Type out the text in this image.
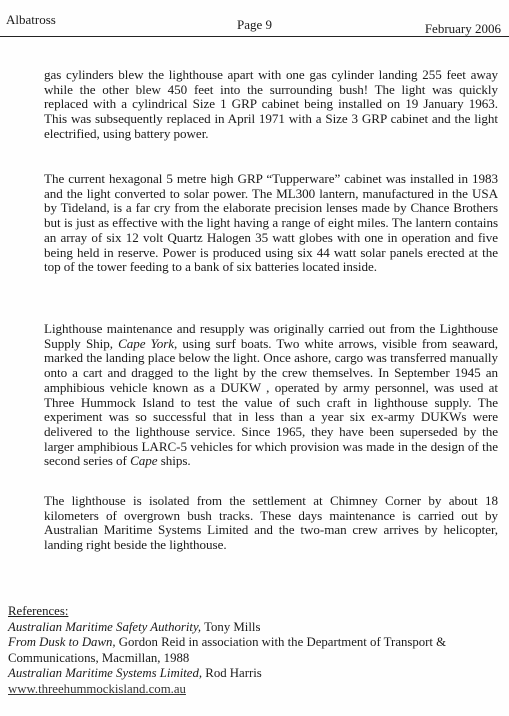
Albatross	Page 9	February 2006
gas cylinders blew the lighthouse apart with one gas cylinder landing 255 feet away while the other blew 450 feet into the surrounding bush! The light was quickly replaced with a cylindrical Size 1 GRP cabinet being installed on 19 January 1963. This was subsequently replaced in April 1971 with a Size 3 GRP cabinet and the light electrified, using battery power.
The current hexagonal 5 metre high GRP “Tupperware” cabinet was installed in 1983 and the light converted to solar power. The ML300 lantern, manufactured in the USA by Tideland, is a far cry from the elaborate precision lenses made by Chance Brothers but is just as effective with the light having a range of eight miles. The lantern contains an array of six 12 volt Quartz Halogen 35 watt globes with one in operation and five being held in reserve. Power is produced using six 44 watt solar panels erected at the top of the tower feeding to a bank of six batteries located inside.
Lighthouse maintenance and resupply was originally carried out from the Lighthouse Supply Ship, Cape York, using surf boats. Two white arrows, visible from seaward, marked the landing place below the light. Once ashore, cargo was transferred manually onto a cart and dragged to the light by the crew themselves. In September 1945 an amphibious vehicle known as a DUKW , operated by army personnel, was used at Three Hummock Island to test the value of such craft in lighthouse supply. The experiment was so successful that in less than a year six ex-army DUKWs were delivered to the lighthouse service. Since 1965, they have been superseded by the larger amphibious LARC-5 vehicles for which provision was made in the design of the second series of Cape ships.
The lighthouse is isolated from the settlement at Chimney Corner by about 18 kilometers of overgrown bush tracks. These days maintenance is carried out by Australian Maritime Systems Limited and the two-man crew arrives by helicopter, landing right beside the lighthouse.
References:
Australian Maritime Safety Authority, Tony Mills
From Dusk to Dawn, Gordon Reid in association with the Department of Transport & Communications, Macmillan, 1988
Australian Maritime Systems Limited, Rod Harris
www.threehummockisland.com.au
